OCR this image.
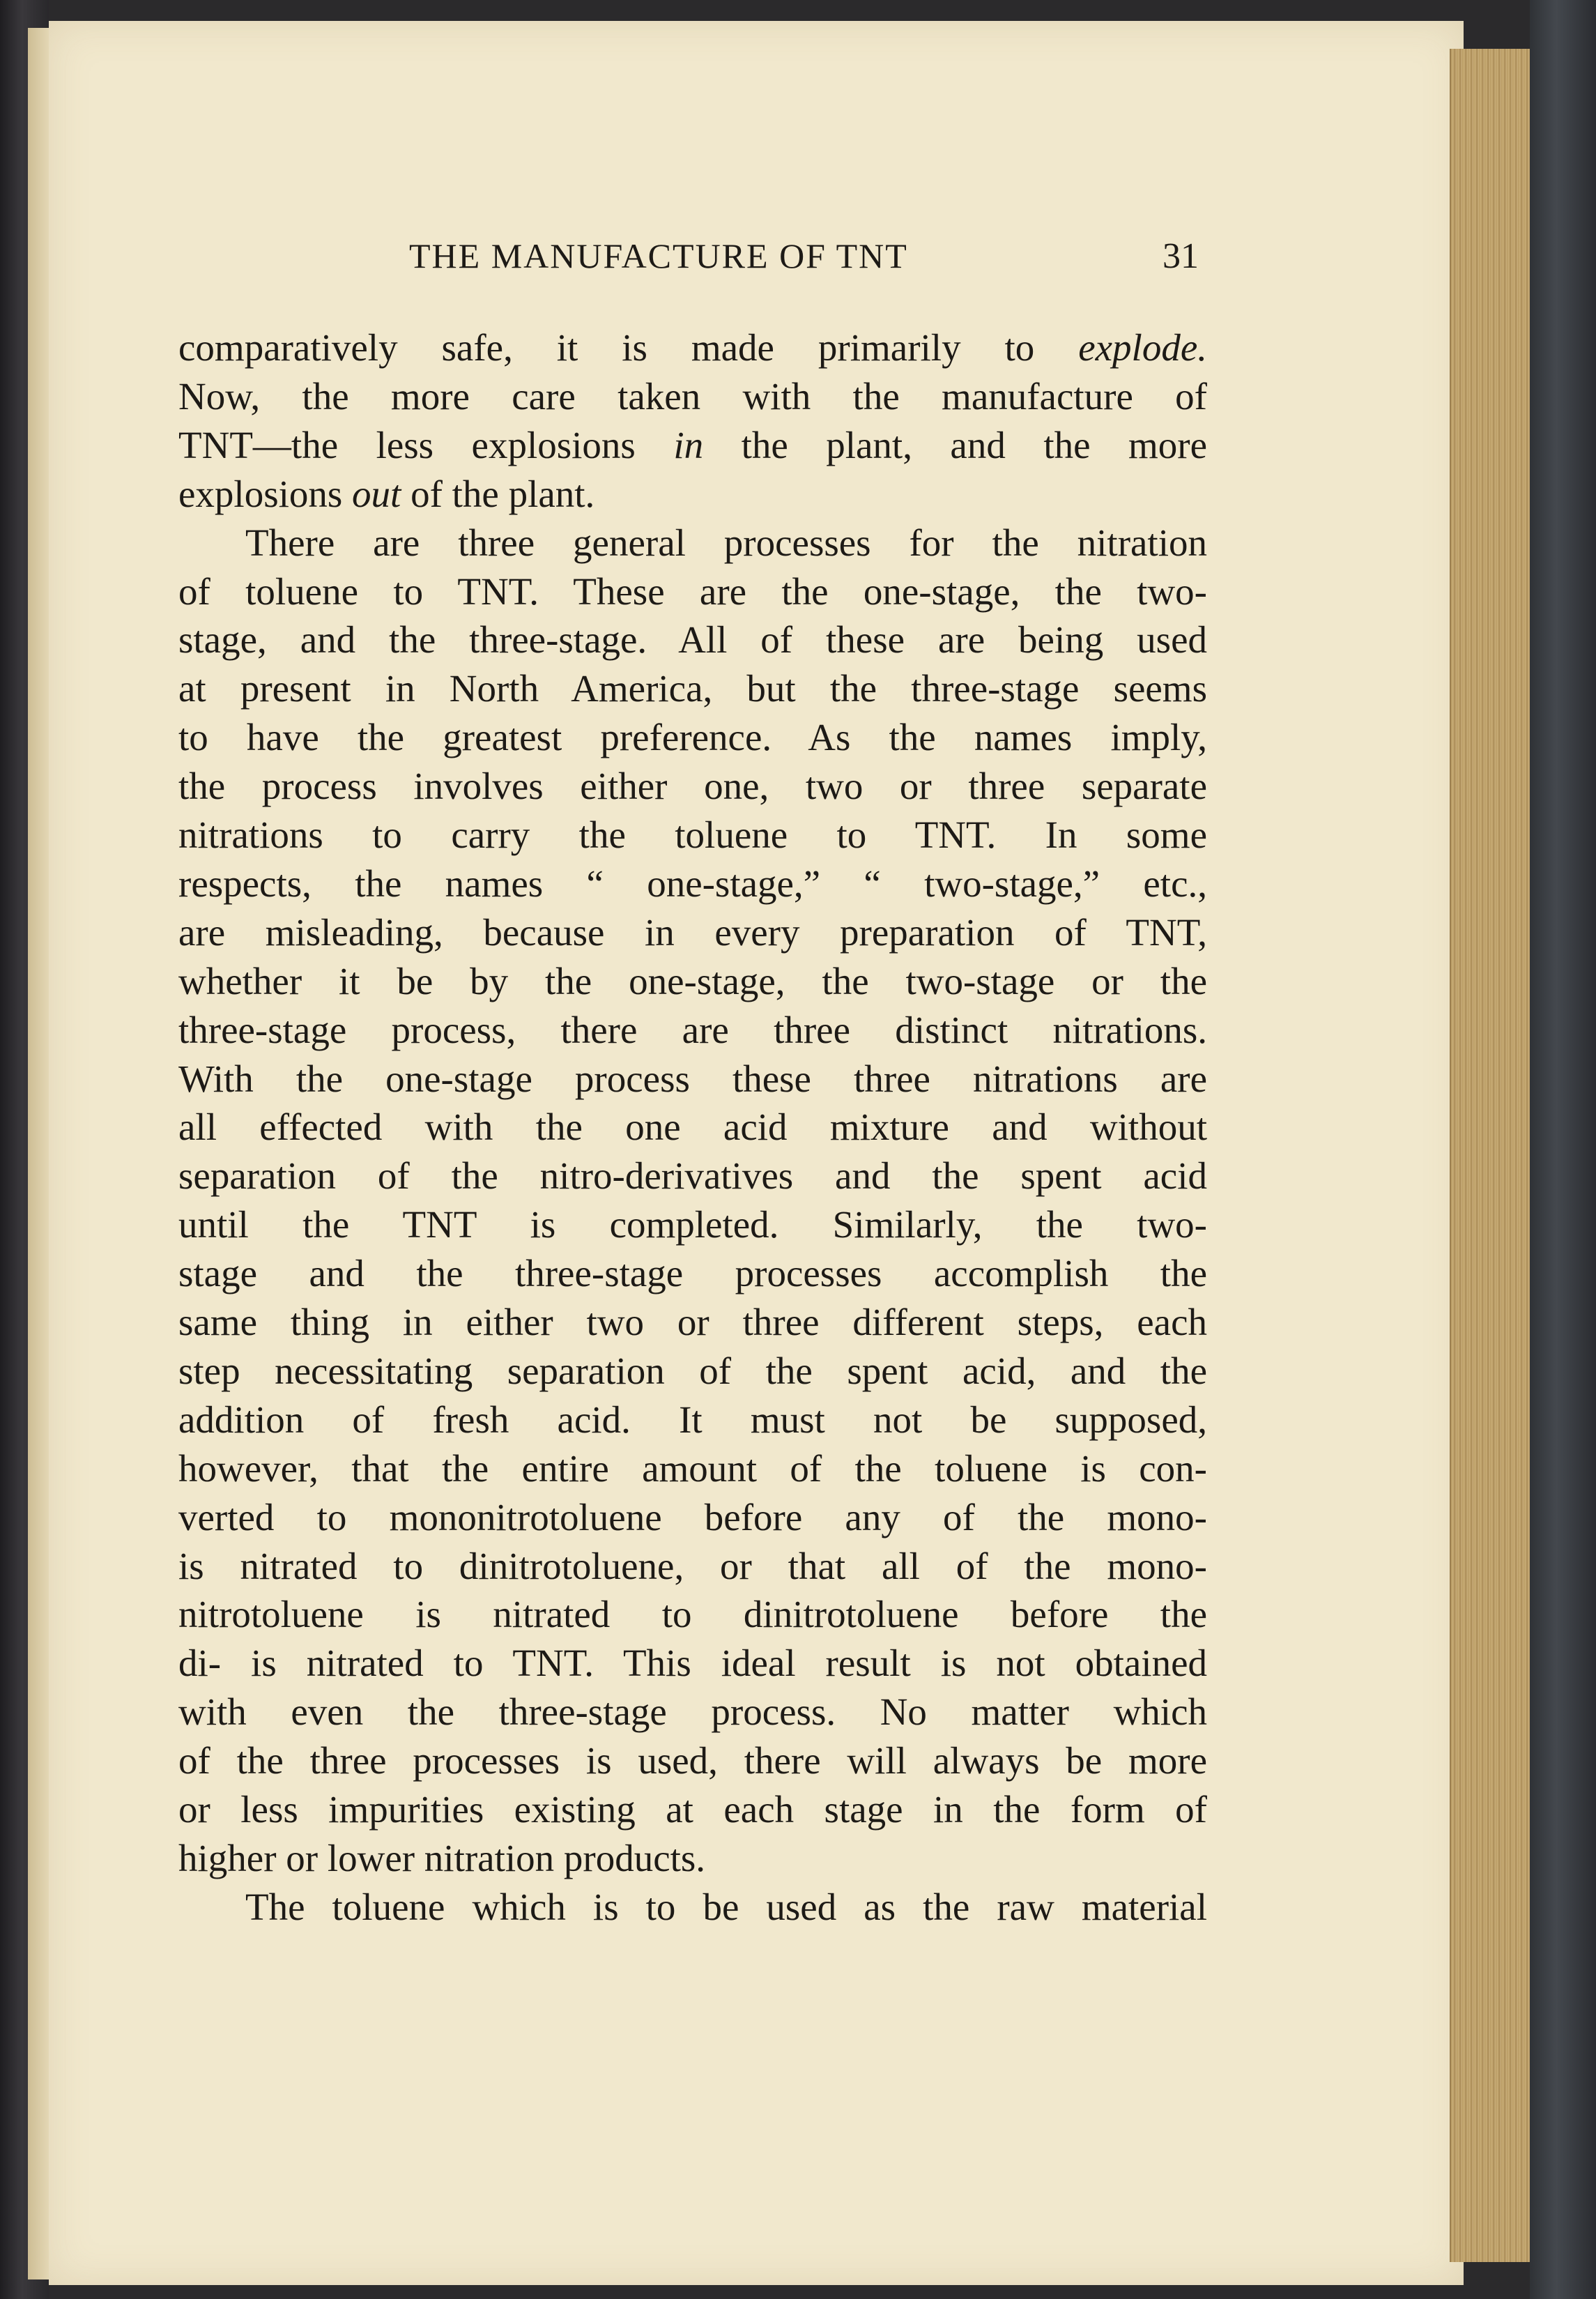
THE MANUFACTURE OF TNT	31
comparatively safe, it is made primarily to explode.
Now, the more care taken with the manufacture of
TNT—the less explosions in the plant, and the more
explosions out of the plant.
There are three general processes for the nitration
of toluene to TNT. These are the one-stage, the two-
stage, and the three-stage. All of these are being used
at present in North America, but the three-stage seems
to have the greatest preference. As the names imply,
the process involves either one, two or three separate
nitrations to carry the toluene to TNT. In some
respects, the names “ one-stage,” “ two-stage,” etc.,
are misleading, because in every preparation of TNT,
whether it be by the one-stage, the two-stage or the
three-stage process, there are three distinct nitrations.
With the one-stage process these three nitrations are
all effected with the one acid mixture and without
separation of the nitro-derivatives and the spent acid
until the TNT is completed. Similarly, the two-
stage and the three-stage processes accomplish the
same thing in either two or three different steps, each
step necessitating separation of the spent acid, and the
addition of fresh acid. It must not be supposed,
however, that the entire amount of the toluene is con-
verted to mononitrotoluene before any of the mono-
is nitrated to dinitrotoluene, or that all of the mono-
nitrotoluene is nitrated to dinitrotoluene before the
di- is nitrated to TNT. This ideal result is not obtained
with even the three-stage process. No matter which
of the three processes is used, there will always be more
or less impurities existing at each stage in the form of
higher or lower nitration products.
The toluene which is to be used as the raw material
